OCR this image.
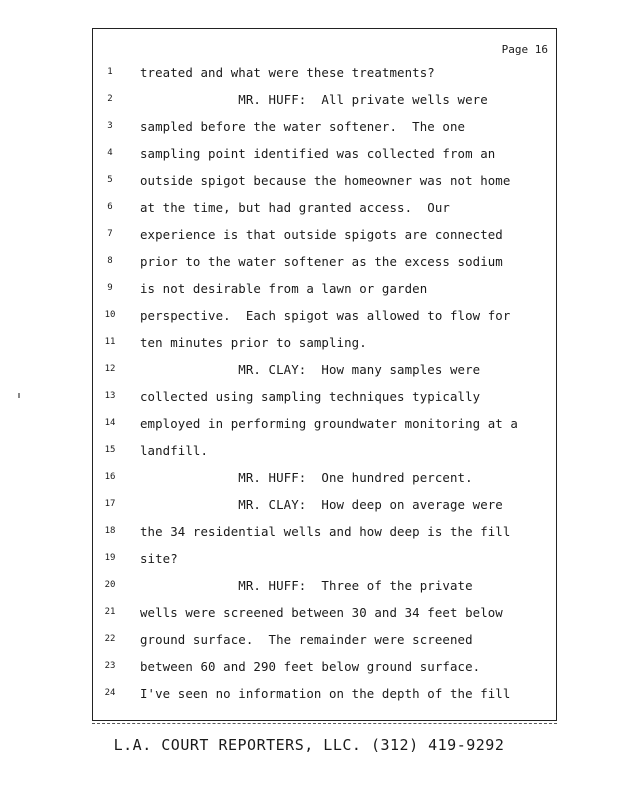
Page 16

1

	treated and what were these treatments?

2

	MR. HUFF:  All private wells were

3

	sampled before the water softener.  The one

4

	sampling point identified was collected from an

5

	outside spigot because the homeowner was not home

6

	at the time, but had granted access.  Our

7

	experience is that outside spigots are connected

8

	prior to the water softener as the excess sodium

9

	is not desirable from a lawn or garden

10

perspective.  Each spigot was allowed to flow for

11

ten minutes prior to sampling.

12

MR. CLAY:  How many samples were

13

collected using sampling techniques typically

14

employed in performing groundwater monitoring at a

15

landfill.

16

MR. HUFF:  One hundred percent.

17

MR. CLAY:  How deep on average were

18

the 34 residential wells and how deep is the fill

19

site?

20

MR. HUFF:  Three of the private

21

wells were screened between 30 and 34 feet below

22

ground surface.  The remainder were screened

23

between 60 and 290 feet below ground surface.

24

I've seen no information on the depth of the fill

L.A. COURT REPORTERS, LLC. (312) 419-9292
